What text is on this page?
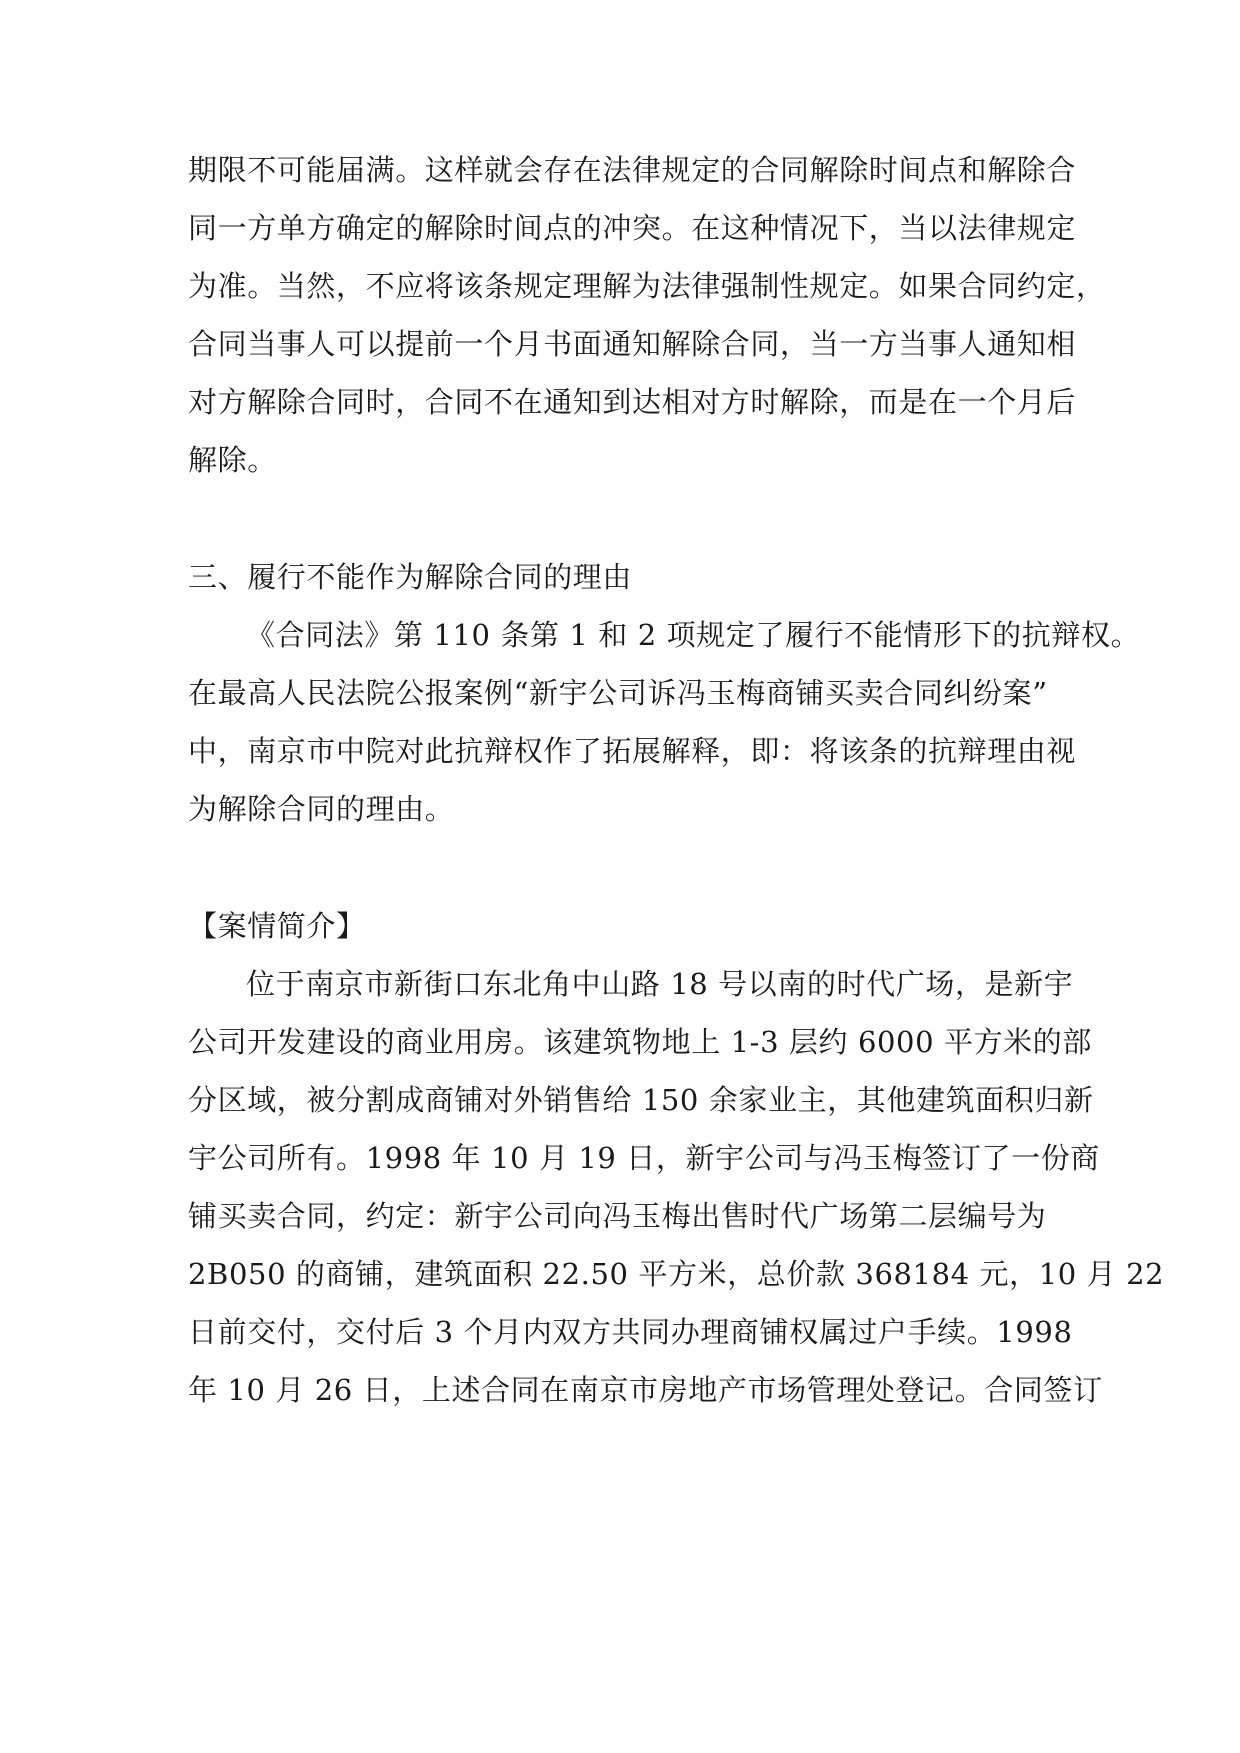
期限不可能届满。这样就会存在法律规定的合同解除时间点和解除合
同一方单方确定的解除时间点的冲突。在这种情况下，当以法律规定
为准。当然，不应将该条规定理解为法律强制性规定。如果合同约定，
合同当事人可以提前一个月书面通知解除合同，当一方当事人通知相
对方解除合同时，合同不在通知到达相对方时解除，而是在一个月后
解除。
三、履行不能作为解除合同的理由
《合同法》第 110 条第 1 和 2 项规定了履行不能情形下的抗辩权。
在最高人民法院公报案例“新宇公司诉冯玉梅商铺买卖合同纠纷案”
中，南京市中院对此抗辩权作了拓展解释，即：将该条的抗辩理由视
为解除合同的理由。
【案情简介】
位于南京市新街口东北角中山路 18 号以南的时代广场，是新宇
公司开发建设的商业用房。该建筑物地上 1-3 层约 6000 平方米的部
分区域，被分割成商铺对外销售给 150 余家业主，其他建筑面积归新
宇公司所有。1998 年 10 月 19 日，新宇公司与冯玉梅签订了一份商
铺买卖合同，约定：新宇公司向冯玉梅出售时代广场第二层编号为
2B050 的商铺，建筑面积 22.50 平方米，总价款 368184 元，10 月 22
日前交付，交付后 3 个月内双方共同办理商铺权属过户手续。1998
年 10 月 26 日，上述合同在南京市房地产市场管理处登记。合同签订
